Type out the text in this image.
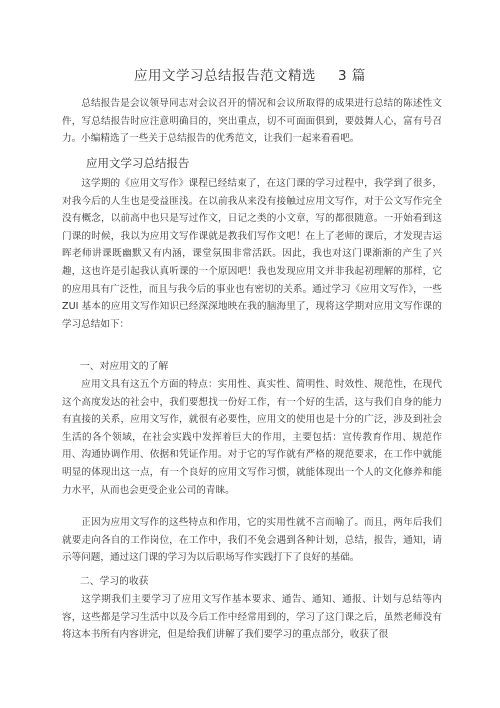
应用文学习总结报告范文精选 3 篇

总结报告是会议领导同志对会议召开的情况和会议所取得的成果进行总结的陈述性文件，写总结报告时应注意明确目的，突出重点，切不可面面俱到，要鼓舞人心，富有号召力。小编精选了一些关于总结报告的优秀范文，让我们一起来看看吧。

应用文学习总结报告

这学期的《应用文写作》课程已经结束了，在这门课的学习过程中，我学到了很多，对我今后的人生也是受益匪浅。在以前我从来没有接触过应用文写作，对于公文写作完全没有概念，以前高中也只是写过作文，日记之类的小文章，写的都很随意。一开始看到这门课的时候，我以为应用文写作课就是教我们写作文吧！在上了老师的课后，才发现吉运晖老师讲课既幽默又有内涵，课堂氛围非常活跃。因此，我也对这门课渐渐的产生了兴趣，这也许是引起我认真听课的一个原因吧！我也发现应用文并非我起初理解的那样，它的应用具有广泛性，而且与我今后的事业也有密切的关系。通过学习《应用文写作》，一些 ZUI 基本的应用文写作知识已经深深地映在我的脑海里了，现将这学期对应用文写作课的学习总结如下：

一、对应用文的了解

应用文具有这五个方面的特点：实用性、真实性、简明性、时效性、规范性，在现代这个高度发达的社会中，我们要想找一份好工作，有一个好的生活，这与我们自身的能力有直接的关系，应用文写作，就很有必要性，应用文的使用也是十分的广泛，涉及到社会生活的各个领域，在社会实践中发挥着巨大的作用，主要包括：宣传教育作用、规范作用、沟通协调作用、依据和凭证作用。对于它的写作就有严格的规范要求，在工作中就能明显的体现出这一点，有一个良好的应用文写作习惯，就能体现出一个人的文化修养和能力水平，从而也会更受企业公司的青睐。

正因为应用文写作的这些特点和作用，它的实用性就不言而喻了。而且，两年后我们就要走向各自的工作岗位，在工作中，我们不免会遇到各种计划，总结，报告，通知，请示等问题，通过这门课的学习为以后职场写作实践打下了良好的基础。

二、学习的收获

这学期我们主要学习了应用文写作基本要求、通告、通知、通报、计划与总结等内容，这些都是学习生活中以及今后工作中经常用到的，学习了这门课之后，虽然老师没有将这本书所有内容讲完，但是给我们讲解了我们要学习的重点部分，收获了很
